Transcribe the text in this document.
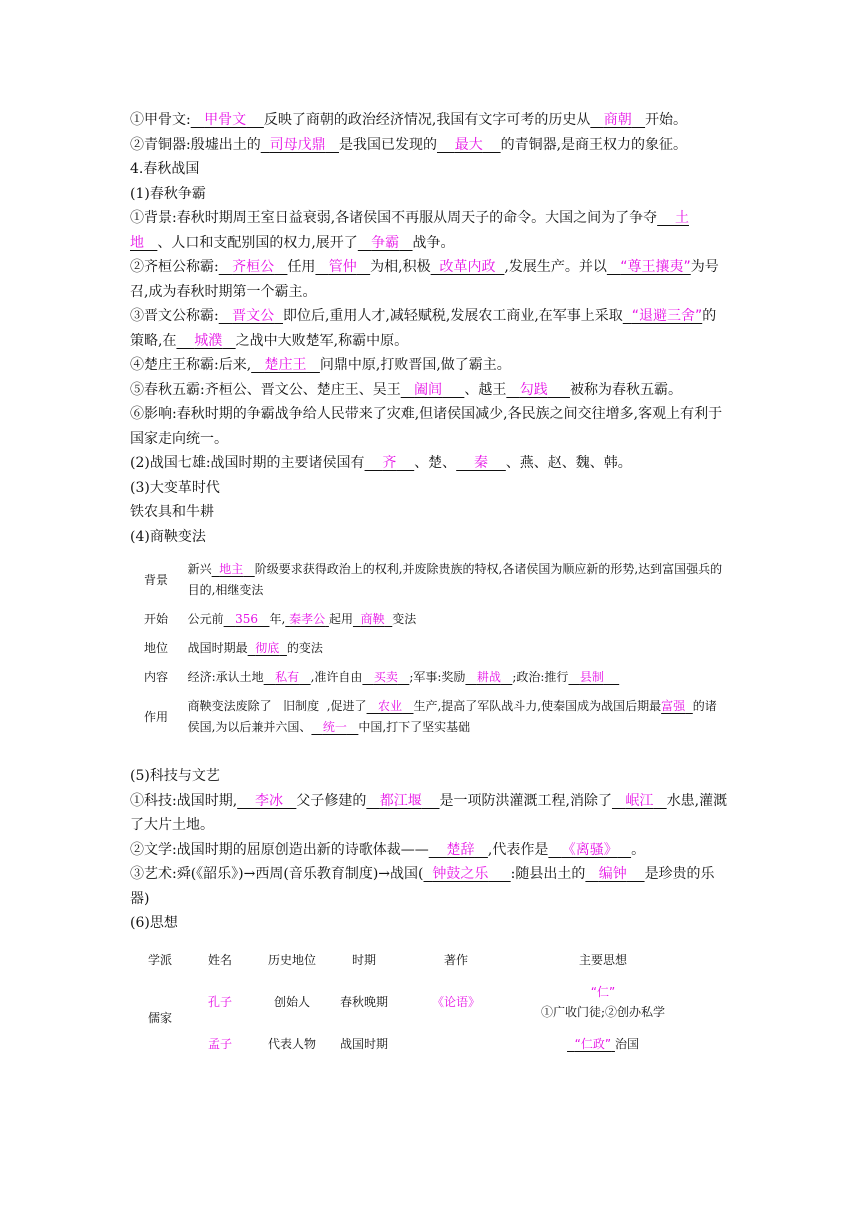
①甲骨文: 甲骨文 反映了商朝的政治经济情况,我国有文字可考的历史从 商朝 开始。

②青铜器:殷墟出土的 司母戊鼎 是我国已发现的 最大 的青铜器,是商王权力的象征。

4.春秋战国

(1)春秋争霸

①背景:春秋时期周王室日益衰弱,各诸侯国不再服从周天子的命令。大国之间为了争夺 土地 、人口和支配别国的权力,展开了 争霸 战争。

②齐桓公称霸: 齐桓公 任用 管仲 为相,积极 改革内政 ,发展生产。并以 “尊王攘夷”为号召,成为春秋时期第一个霸主。

③晋文公称霸: 晋文公 即位后,重用人才,减轻赋税,发展农工商业,在军事上采取 “退避三舍”的策略,在 城濮 之战中大败楚军,称霸中原。

④楚庄王称霸:后来, 楚庄王 问鼎中原,打败晋国,做了霸主。

⑤春秋五霸:齐桓公、晋文公、楚庄王、吴王 阖闾 、越王 勾践 被称为春秋五霸。

⑥影响:春秋时期的争霸战争给人民带来了灾难,但诸侯国减少,各民族之间交往增多,客观上有利于国家走向统一。

(2)战国七雄:战国时期的主要诸侯国有 齐 、楚、 秦 、燕、赵、魏、韩。

(3)大变革时代

铁农具和牛耕

(4)商鞅变法

背景	新兴 地主 阶级要求获得政治上的权利,并废除贵族的特权,各诸侯国为顺应新的形势,达到富国强兵的目的,相继变法
开始	公元前 356 年, 秦孝公 起用 商鞅 变法
地位	战国时期最 彻底 的变法
内容	经济:承认土地 私有 ,准许自由 买卖 ;军事:奖励 耕战 ;政治:推行 县制
作用	商鞅变法废除了 旧制度 ,促进了 农业 生产,提高了军队战斗力,使秦国成为战国后期最富强 的诸侯国,为以后兼并六国、 统一 中国,打下了坚实基础

(5)科技与文艺

①科技:战国时期, 李冰 父子修建的 都江堰 是一项防洪灌溉工程,消除了 岷江 水患,灌溉了大片土地。

②文学:战国时期的屈原创造出新的诗歌体裁—— 楚辞 ,代表作是 《离骚》 。

③艺术:舜(《韶乐》)→西周(音乐教育制度)→战国( 钟鼓之乐 :随县出土的 编钟 是珍贵的乐器)

(6)思想

学派	姓名	历史地位	时期	著作	主要思想
儒家	孔子	创始人	春秋晚期	《论语》	“仁”
①广收门徒;②创办私学

	孟子	代表人物	战国时期		“仁政” 治国
